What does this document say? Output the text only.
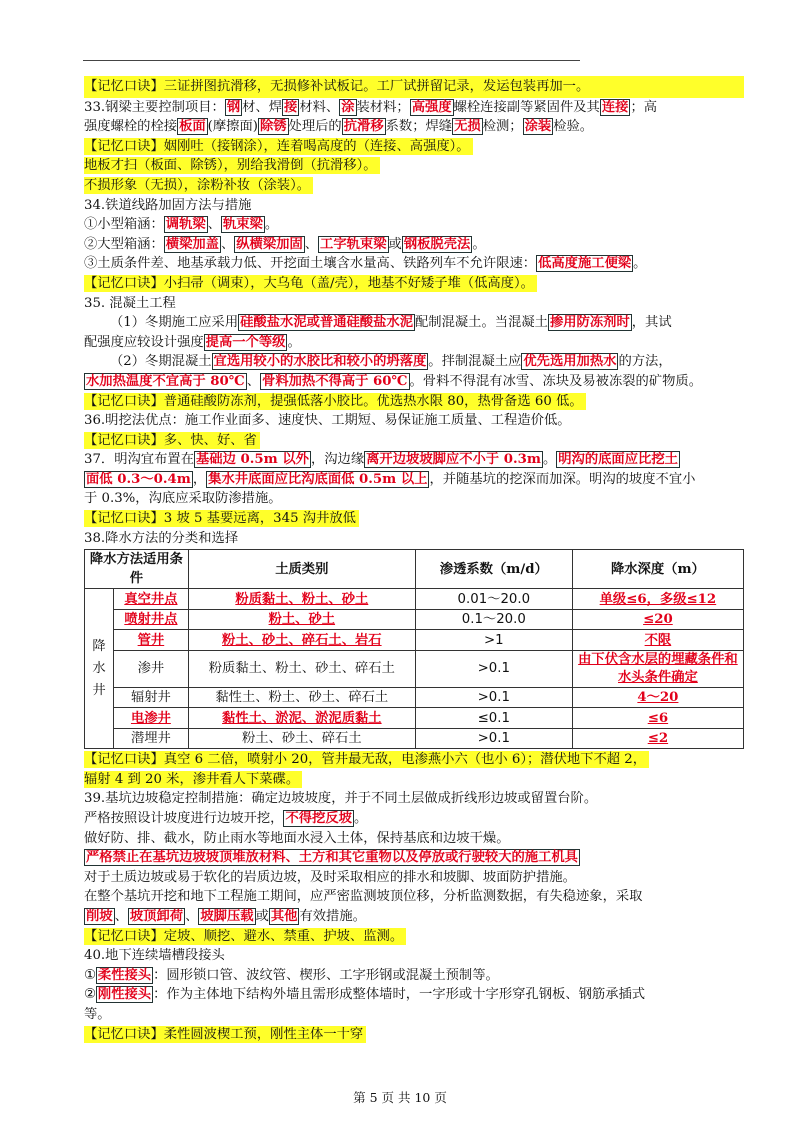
【记忆口诀】三证拼图抗滑移，无损修补试板记。工厂试拼留记录，发运包装再加一。

33.钢梁主要控制项目： 钢 材、焊 接 材料、 涂 装材料； 高强度 螺栓连接副等紧固件及其 连接 ；高

强度螺栓的栓接 板面 (摩擦面) 除锈 处理后的 抗滑移 系数；焊缝 无损 检测； 涂装 检验。

【记忆口诀】姻刚吐（接钢涂），连着喝高度的（连接、高强度）。

地板才扫（板面、除锈），别给我滑倒（抗滑移）。

不损形象（无损），涂粉补妆（涂装）。

34.铁道线路加固方法与措施

①小型箱涵： 调轨梁 、 轨束梁 。

②大型箱涵： 横梁加盖 、 纵横梁加固 、 工字轨束梁 或 钢板脱壳法 。

③土质条件差、地基承载力低、开挖面土壤含水量高、铁路列车不允许限速： 低高度施工便梁 。

【记忆口诀】小扫帚（调束），大乌龟（盖/壳），地基不好矮子堆（低高度）。

35. 混凝土工程

（1）冬期施工应采用 硅酸盐水泥或普通硅酸盐水泥 配制混凝土。当混凝土 掺用防冻剂时 ，其试

配强度应较设计强度 提高一个等级 。

（2）冬期混凝土 宜选用较小的水胶比和较小的坍落度 。拌制混凝土应 优先选用加热水 的方法，

水加热温度不宜高于 80℃ 、 骨料加热不得高于 60℃ 。骨料不得混有冰雪、冻块及易被冻裂的矿物质。

【记忆口诀】普通硅酸防冻剂，提强低落小胶比。优选热水限 80，热骨备选 60 低。

36.明挖法优点：施工作业面多、速度快、工期短、易保证施工质量、工程造价低。

【记忆口诀】多、快、好、省

37．明沟宜布置在 基础边 0.5m 以外 ，沟边缘 离开边坡坡脚应不小于 0.3m 。 明沟的底面应比挖土

面低 0.3～0.4m ， 集水井底面应比沟底面低 0.5m 以上 ，并随基坑的挖深而加深。明沟的坡度不宜小

于 0.3%，沟底应采取防渗措施。

【记忆口诀】3 坡 5 基要远离，345 沟井放低

38.降水方法的分类和选择

降水方法适用条件		土质类别	渗透系数（m/d）	降水深度（m）
降
水
井	真空井点	粉质黏土、粉土、砂土	0.01～20.0	单级≤6，多级≤12
	喷射井点	粉土、砂土	0.1～20.0	≤20
	管井	粉土、砂土、碎石土、岩石	>1	不限
	渗井	粉质黏土、粉土、砂土、碎石土	>0.1	由下伏含水层的埋藏条件和水头条件确定
	辐射井	黏性土、粉土、砂土、碎石土	>0.1	4～20
	电渗井	黏性土、淤泥、淤泥质黏土	≤0.1	≤6
	潜埋井	粉土、砂土、碎石土	>0.1	≤2

【记忆口诀】真空 6 二倍，喷射小 20，管井最无敌，电渗燕小六（也小 6）；潜伏地下不超 2，

辐射 4 到 20 米，渗井看人下菜碟。

39.基坑边坡稳定控制措施：确定边坡坡度，并于不同土层做成折线形边坡或留置台阶。

严格按照设计坡度进行边坡开挖， 不得挖反坡 。

做好防、排、截水，防止雨水等地面水浸入土体，保持基底和边坡干燥。

严格禁止在基坑边坡坡顶堆放材料、土方和其它重物以及停放或行驶较大的施工机具

对于土质边坡或易于软化的岩质边坡，及时采取相应的排水和坡脚、坡面防护措施。

在整个基坑开挖和地下工程施工期间，应严密监测坡顶位移，分析监测数据，有失稳迹象，采取

削坡 、 坡顶卸荷 、 坡脚压载 或 其他 有效措施。

【记忆口诀】定坡、顺挖、避水、禁重、护坡、监测。

40.地下连续墙槽段接头

① 柔性接头 ：圆形锁口管、波纹管、楔形、工字形钢或混凝土预制等。

② 刚性接头 ：作为主体地下结构外墙且需形成整体墙时，一字形或十字形穿孔钢板、钢筋承插式

等。

【记忆口诀】柔性圆波楔工预，刚性主体一十穿

第 5 页 共 10 页
